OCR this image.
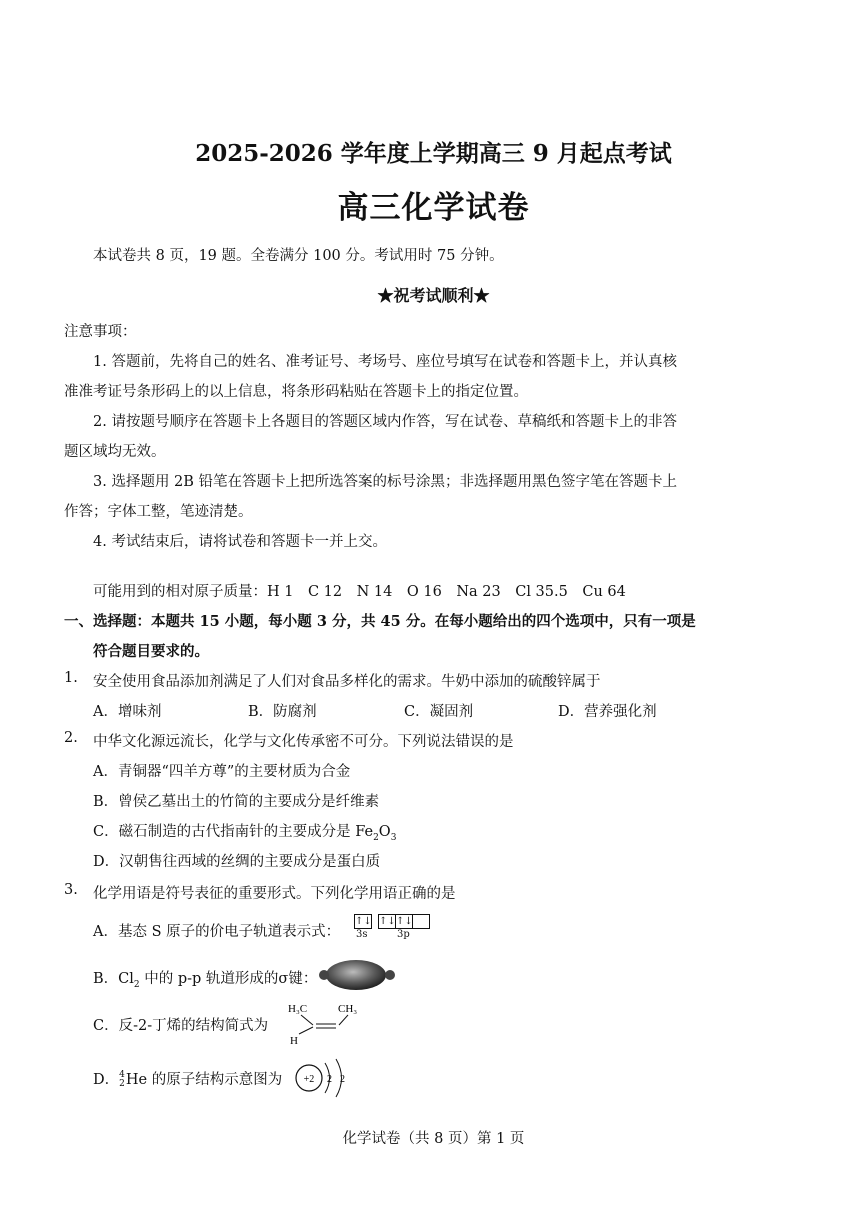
2025-2026 学年度上学期高三 9 月起点考试
高三化学试卷
本试卷共 8 页，19 题。全卷满分 100 分。考试用时 75 分钟。
★祝考试顺利★
注意事项：
1. 答题前，先将自己的姓名、准考证号、考场号、座位号填写在试卷和答题卡上，并认真核
准准考证号条形码上的以上信息，将条形码粘贴在答题卡上的指定位置。
2. 请按题号顺序在答题卡上各题目的答题区域内作答，写在试卷、草稿纸和答题卡上的非答
题区域均无效。
3. 选择题用 2B 铅笔在答题卡上把所选答案的标号涂黑；非选择题用黑色签字笔在答题卡上
作答；字体工整，笔迹清楚。
4. 考试结束后，请将试卷和答题卡一并上交。
可能用到的相对原子质量：H 1　C 12　N 14　O 16　Na 23　Cl 35.5　Cu 64
一、选择题：本题共 15 小题，每小题 3 分，共 45 分。在每小题给出的四个选项中，只有一项是
符合题目要求的。
1. 安全使用食品添加剂满足了人们对食品多样化的需求。牛奶中添加的硫酸锌属于
A．增味剂	B．防腐剂	C．凝固剂	D．营养强化剂
2. 中华文化源远流长，化学与文化传承密不可分。下列说法错误的是
A．青铜器“四羊方尊”的主要材质为合金
B．曾侯乙墓出土的竹简的主要成分是纤维素
C．磁石制造的古代指南针的主要成分是 $Fe_2O_3$
D．汉朝售往西域的丝绸的主要成分是蛋白质
3. 化学用语是符号表征的重要形式。下列化学用语正确的是
A．基态 S 原子的价电子轨道表示式：
↑↓ ↑↓ ↑↓
3s	3p
B．$Cl_2$ 中的 p-p 轨道形成的σ键：
C．反-2-丁烯的结构简式为
H₃C	CH₃
H
D．4
2He 的原子结构示意图为 +2 2 2
化学试卷（共 8 页）第 1 页
